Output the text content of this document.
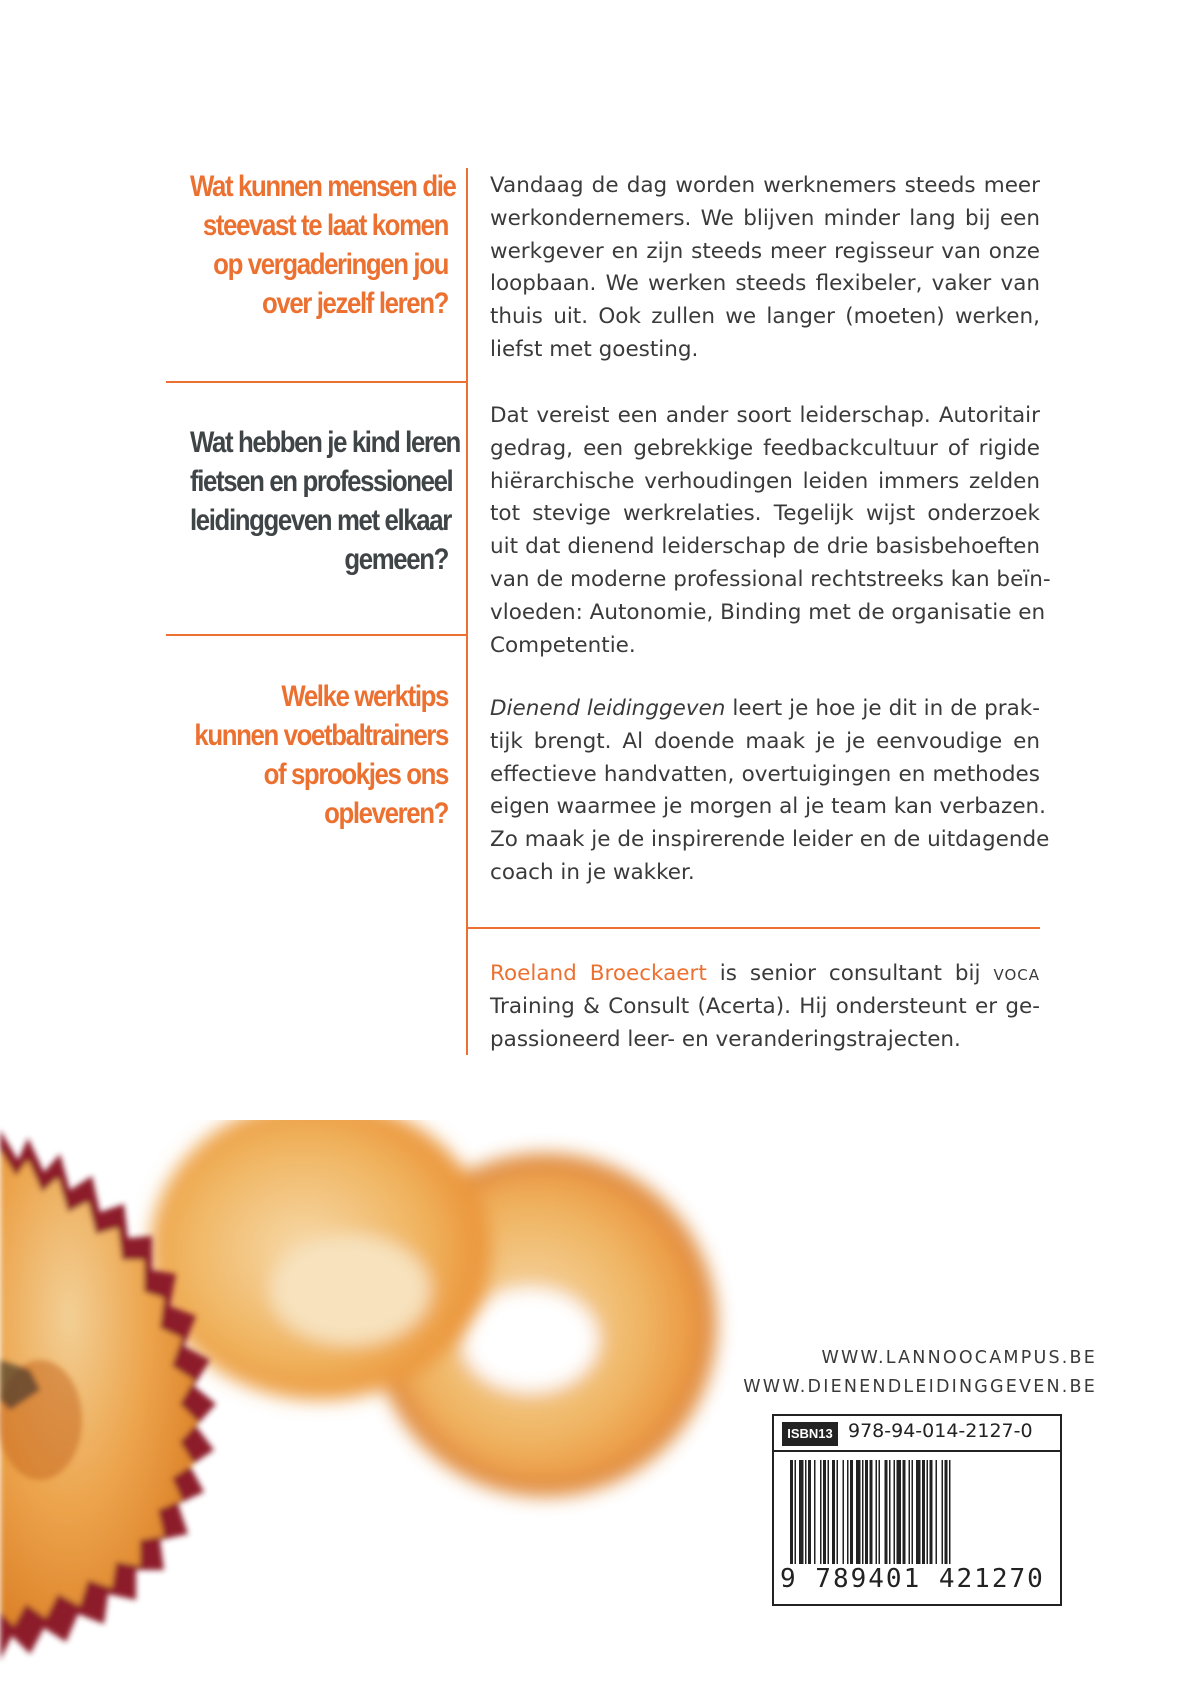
Wat kunnen mensen die
steevast te laat komen
op vergaderingen jou
over jezelf leren?
Wat hebben je kind leren
fietsen en professioneel
leidinggeven met elkaar
gemeen?
Welke werktips
kunnen voetbaltrainers
of sprookjes ons
opleveren?
Vandaag de dag worden werknemers steeds meer
werkondernemers. We blijven minder lang bij een
werkgever en zijn steeds meer regisseur van onze
loopbaan. We werken steeds flexibeler, vaker van
thuis uit. Ook zullen we langer (moeten) werken,
liefst met goesting.
Dat vereist een ander soort leiderschap. Autoritair
gedrag, een gebrekkige feedbackcultuur of rigide
hiërarchische verhoudingen leiden immers zelden
tot stevige werkrelaties. Tegelijk wijst onderzoek
uit dat dienend leiderschap de drie basisbehoeften
van de moderne professional rechtstreeks kan beïn-
vloeden: Autonomie, Binding met de organisatie en
Competentie.
Dienend leidinggeven leert je hoe je dit in de prak-
tijk brengt. Al doende maak je je eenvoudige en
effectieve handvatten, overtuigingen en methodes
eigen waarmee je morgen al je team kan verbazen.
Zo maak je de inspirerende leider en de uitdagende
coach in je wakker.
Roeland Broeckaert is senior consultant bij voca
Training & Consult (Acerta). Hij ondersteunt er ge-
passioneerd leer- en veranderingstrajecten.
WWW.LANNOOCAMPUS.BE
WWW.DIENENDLEIDINGGEVEN.BE
ISBN13 978-94-014-2127-0
9 789401 421270
